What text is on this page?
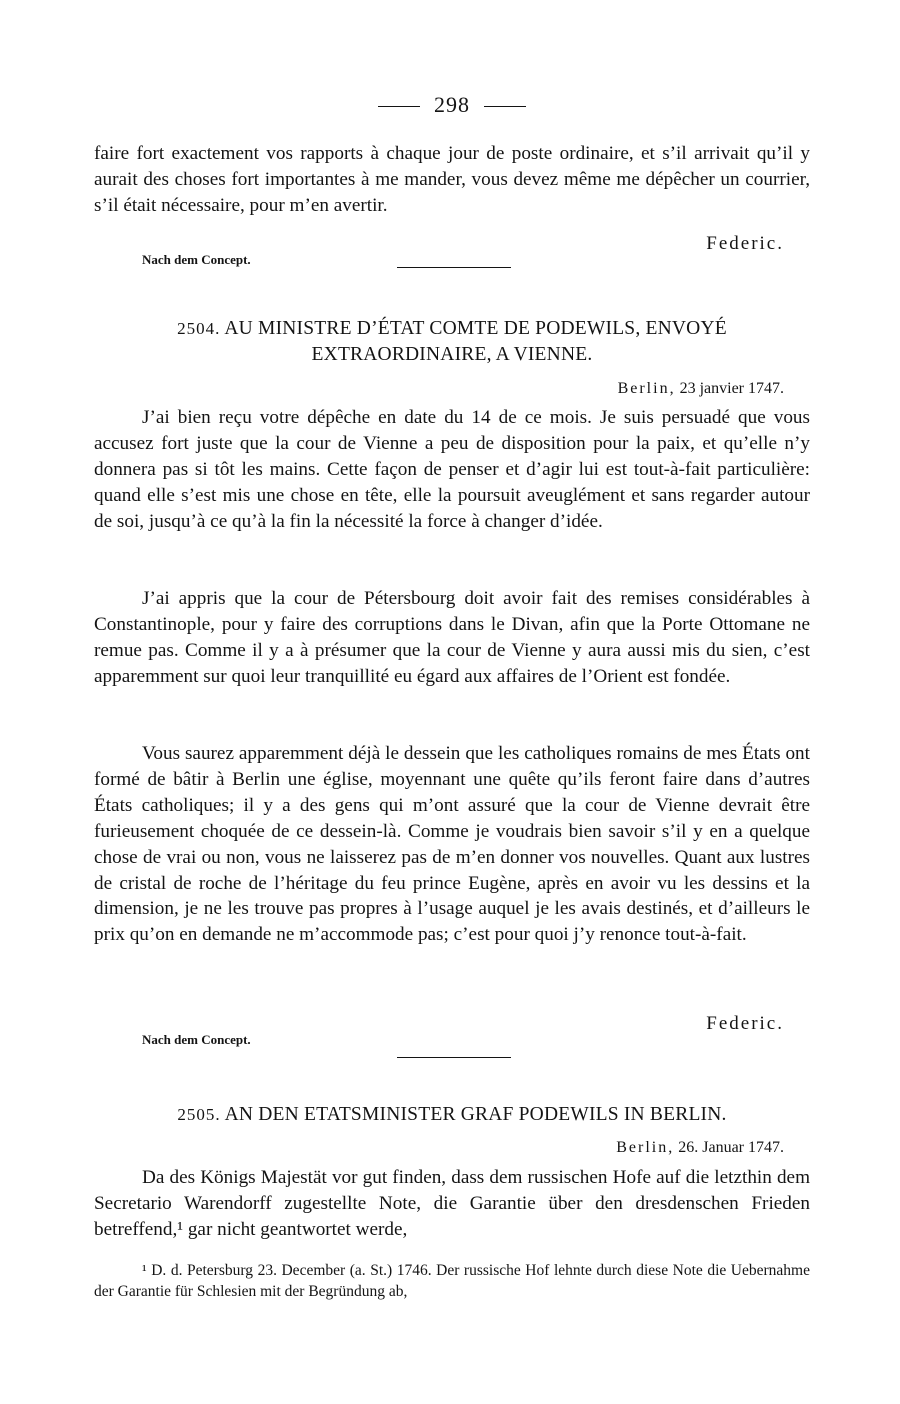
298

faire fort exactement vos rapports à chaque jour de poste ordinaire, et s’il arrivait qu’il y aurait des choses fort importantes à me mander, vous devez même me dépêcher un courrier, s’il était nécessaire, pour m’en avertir.

Federic.
Nach dem Concept.

2504. AU MINISTRE D’ÉTAT COMTE DE PODEWILS, ENVOYÉ EXTRAORDINAIRE, A VIENNE.

Berlin, 23 janvier 1747.

J’ai bien reçu votre dépêche en date du 14 de ce mois. Je suis persuadé que vous accusez fort juste que la cour de Vienne a peu de disposition pour la paix, et qu’elle n’y donnera pas si tôt les mains. Cette façon de penser et d’agir lui est tout-à-fait particulière: quand elle s’est mis une chose en tête, elle la poursuit aveuglément et sans regarder autour de soi, jusqu’à ce qu’à la fin la nécessité la force à changer d’idée.

J’ai appris que la cour de Pétersbourg doit avoir fait des remises considérables à Constantinople, pour y faire des corruptions dans le Divan, afin que la Porte Ottomane ne remue pas. Comme il y a à présumer que la cour de Vienne y aura aussi mis du sien, c’est apparemment sur quoi leur tranquillité eu égard aux affaires de l’Orient est fondée.

Vous saurez apparemment déjà le dessein que les catholiques romains de mes États ont formé de bâtir à Berlin une église, moyennant une quête qu’ils feront faire dans d’autres États catholiques; il y a des gens qui m’ont assuré que la cour de Vienne devrait être furieusement choquée de ce dessein-là. Comme je voudrais bien savoir s’il y en a quelque chose de vrai ou non, vous ne laisserez pas de m’en donner vos nouvelles. Quant aux lustres de cristal de roche de l’héritage du feu prince Eugène, après en avoir vu les dessins et la dimension, je ne les trouve pas propres à l’usage auquel je les avais destinés, et d’ailleurs le prix qu’on en demande ne m’accommode pas; c’est pour quoi j’y renonce tout-à-fait.

Federic.
Nach dem Concept.

2505. AN DEN ETATSMINISTER GRAF PODEWILS IN BERLIN.

Berlin, 26. Januar 1747.

Da des Königs Majestät vor gut finden, dass dem russischen Hofe auf die letzthin dem Secretario Warendorff zugestellte Note, die Garantie über den dresdenschen Frieden betreffend,¹ gar nicht geantwortet werde,

¹ D. d. Petersburg 23. December (a. St.) 1746. Der russische Hof lehnte durch diese Note die Uebernahme der Garantie für Schlesien mit der Begründung ab,
